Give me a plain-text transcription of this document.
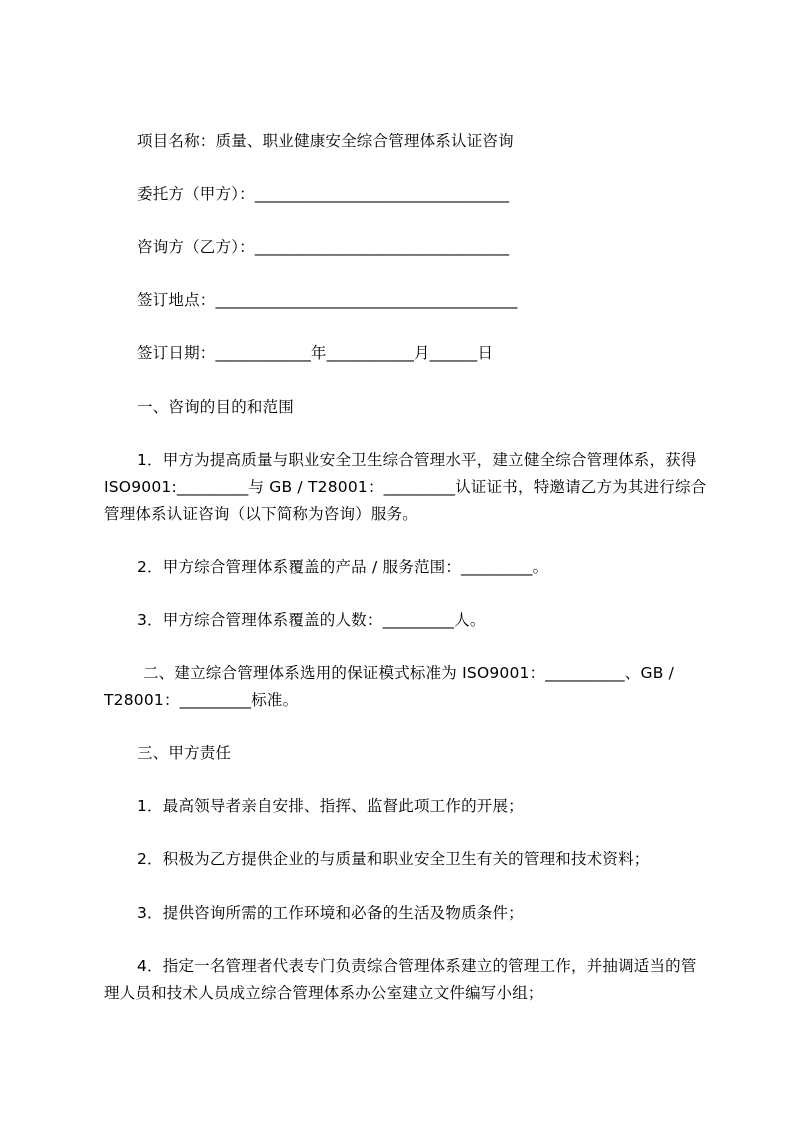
项目名称：质量、职业健康安全综合管理体系认证咨询
委托方（甲方）：________________________________
咨询方（乙方）：________________________________
签订地点：______________________________________
签订日期：____________年___________月______日
一、咨询的目的和范围
1．甲方为提高质量与职业安全卫生综合管理水平，建立健全综合管理体系，获得
ISO9001:_________与 GB / T28001：_________认证证书，特邀请乙方为其进行综合
管理体系认证咨询（以下简称为咨询）服务。
2．甲方综合管理体系覆盖的产品 / 服务范围：_________。
3．甲方综合管理体系覆盖的人数：_________人。
二、建立综合管理体系选用的保证模式标准为 ISO9001：__________、GB /
T28001：_________标准。
三、甲方责任
1．最高领导者亲自安排、指挥、监督此项工作的开展；
2．积极为乙方提供企业的与质量和职业安全卫生有关的管理和技术资料；
3．提供咨询所需的工作环境和必备的生活及物质条件；
4．指定一名管理者代表专门负责综合管理体系建立的管理工作，并抽调适当的管
理人员和技术人员成立综合管理体系办公室建立文件编写小组；
